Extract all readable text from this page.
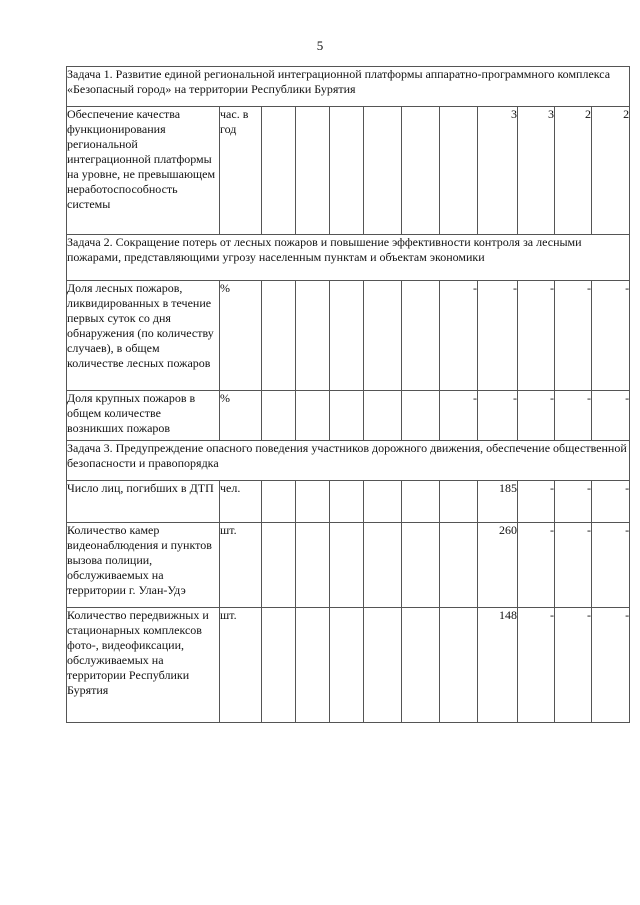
5
Задача 1. Развитие единой региональной интеграционной платформы аппаратно-программного комплекса «Безопасный город» на территории Республики Бурятия											
Обеспечение качества функционирования региональной интеграционной платформы на уровне, не превышающем неработоспособность системы	час. в год							3	3	2	2
Задача 2. Сокращение потерь от лесных пожаров и повышение эффективности контроля за лесными пожарами, представляющими угрозу населенным пунктам и объектам экономики											
Доля лесных пожаров, ликвидированных в течение первых суток со дня обнаружения (по количеству случаев), в общем количестве лесных пожаров	%						-	-	-	-	-
Доля крупных пожаров в общем количестве возникших пожаров	%						-	-	-	-	-
Задача 3. Предупреждение опасного поведения участников дорожного движения, обеспечение общественной безопасности и правопорядка											
Число лиц, погибших в ДТП	чел.							185	-	-	-
Количество камер видеонаблюдения и пунктов вызова полиции, обслуживаемых на территории г. Улан-Удэ	шт.							260	-	-	-
Количество передвижных и стационарных комплексов фото-, видеофиксации, обслуживаемых на территории Республики Бурятия	шт.							148	-	-	-
